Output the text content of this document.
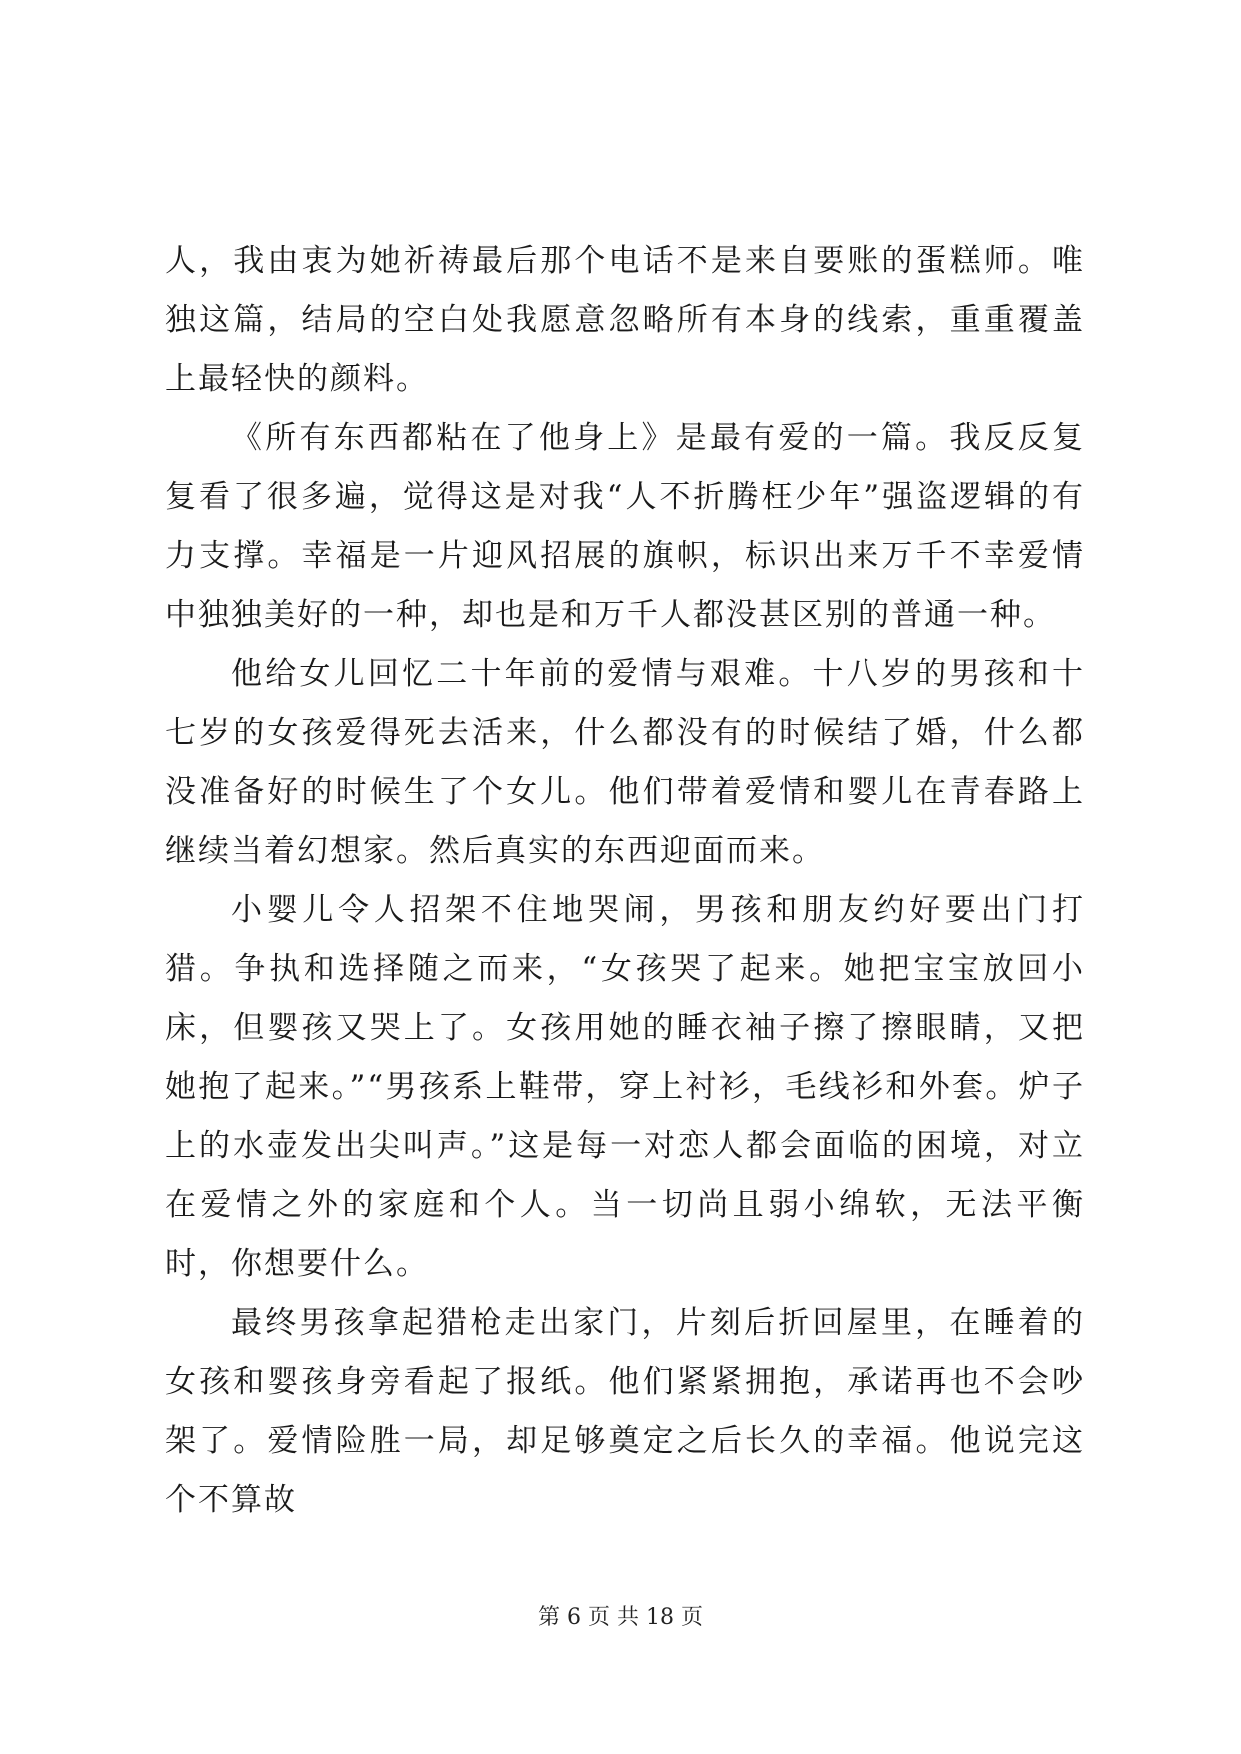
人，我由衷为她祈祷最后那个电话不是来自要账的蛋糕师。唯独这篇，结局的空白处我愿意忽略所有本身的线索，重重覆盖上最轻快的颜料。

《所有东西都粘在了他身上》是最有爱的一篇。我反反复复看了很多遍，觉得这是对我“人不折腾枉少年”强盗逻辑的有力支撑。幸福是一片迎风招展的旗帜，标识出来万千不幸爱情中独独美好的一种，却也是和万千人都没甚区别的普通一种。

他给女儿回忆二十年前的爱情与艰难。十八岁的男孩和十七岁的女孩爱得死去活来，什么都没有的时候结了婚，什么都没准备好的时候生了个女儿。他们带着爱情和婴儿在青春路上继续当着幻想家。然后真实的东西迎面而来。

小婴儿令人招架不住地哭闹，男孩和朋友约好要出门打猎。争执和选择随之而来，“女孩哭了起来。她把宝宝放回小床，但婴孩又哭上了。女孩用她的睡衣袖子擦了擦眼睛，又把她抱了起来。”“男孩系上鞋带，穿上衬衫，毛线衫和外套。炉子上的水壶发出尖叫声。”这是每一对恋人都会面临的困境，对立在爱情之外的家庭和个人。当一切尚且弱小绵软，无法平衡时，你想要什么。

最终男孩拿起猎枪走出家门，片刻后折回屋里，在睡着的女孩和婴孩身旁看起了报纸。他们紧紧拥抱，承诺再也不会吵架了。爱情险胜一局，却足够奠定之后长久的幸福。他说完这个不算故

第 6 页 共 18 页
